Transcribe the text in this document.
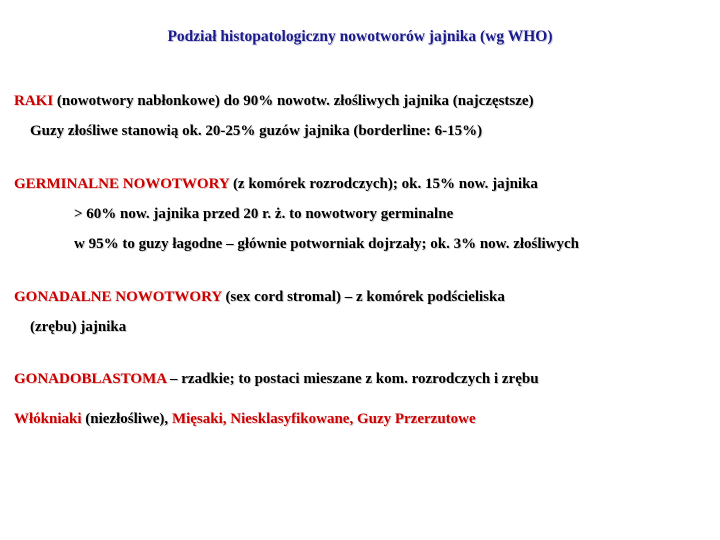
Podział histopatologiczny nowotworów jajnika (wg WHO)
RAKI (nowotwory nabłonkowe) do 90% nowotw. złośliwych jajnika (najczęstsze)
Guzy złośliwe stanowią ok. 20-25% guzów jajnika (borderline: 6-15%)
GERMINALNE NOWOTWORY (z komórek rozrodczych); ok. 15% now. jajnika
> 60% now. jajnika przed 20 r. ż. to nowotwory germinalne
w 95% to guzy łagodne – głównie potworniak dojrzały; ok. 3% now. złośliwych
GONADALNE NOWOTWORY (sex cord stromal) – z komórek podścieliska
(zrębu) jajnika
GONADOBLASTOMA – rzadkie; to postaci mieszane z kom. rozrodczych i zrębu
Włókniaki (niezłośliwe), Mięsaki, Niesklasyfikowane, Guzy Przerzutowe
